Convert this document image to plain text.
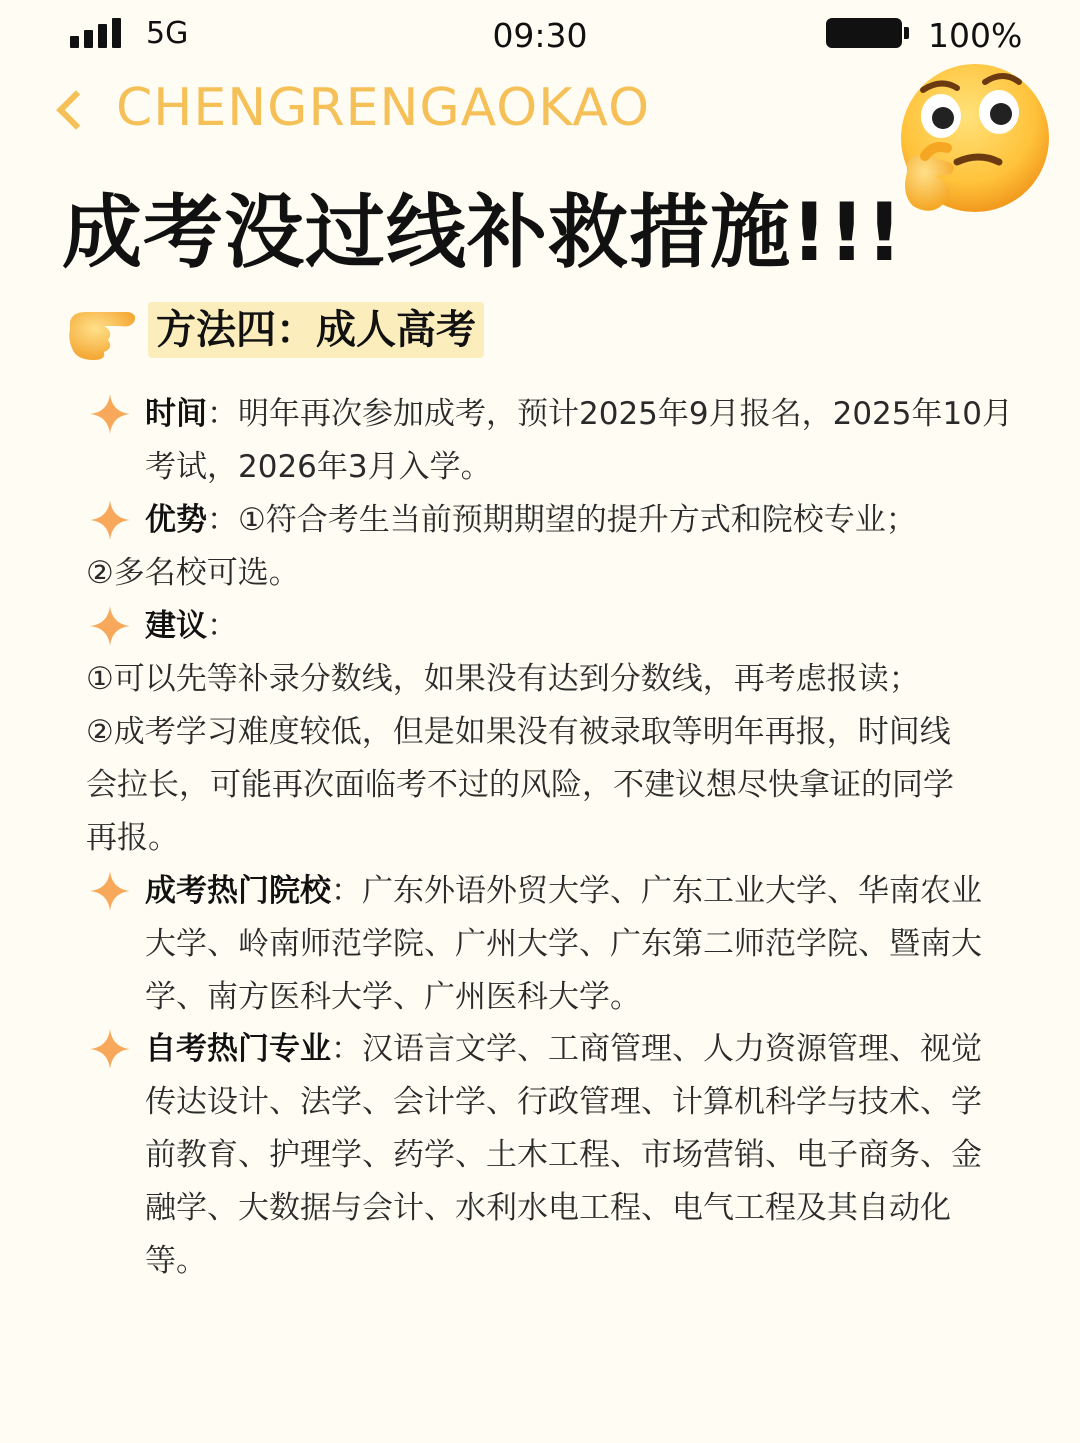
5G	09:30	100%
CHENGRENGAOKAO
成考没过线补救措施!!!
方法四：成人高考
时间：明年再次参加成考，预计2025年9月报名，2025年10月
考试，2026年3月入学。
优势：①符合考生当前预期期望的提升方式和院校专业；
②多名校可选。
建议：
①可以先等补录分数线，如果没有达到分数线，再考虑报读；
②成考学习难度较低，但是如果没有被录取等明年再报，时间线
会拉长，可能再次面临考不过的风险，不建议想尽快拿证的同学
再报。
成考热门院校：广东外语外贸大学、广东工业大学、华南农业
大学、岭南师范学院、广州大学、广东第二师范学院、暨南大
学、南方医科大学、广州医科大学。
自考热门专业：汉语言文学、工商管理、人力资源管理、视觉
传达设计、法学、会计学、行政管理、计算机科学与技术、学
前教育、护理学、药学、土木工程、市场营销、电子商务、金
融学、大数据与会计、水利水电工程、电气工程及其自动化
等。
